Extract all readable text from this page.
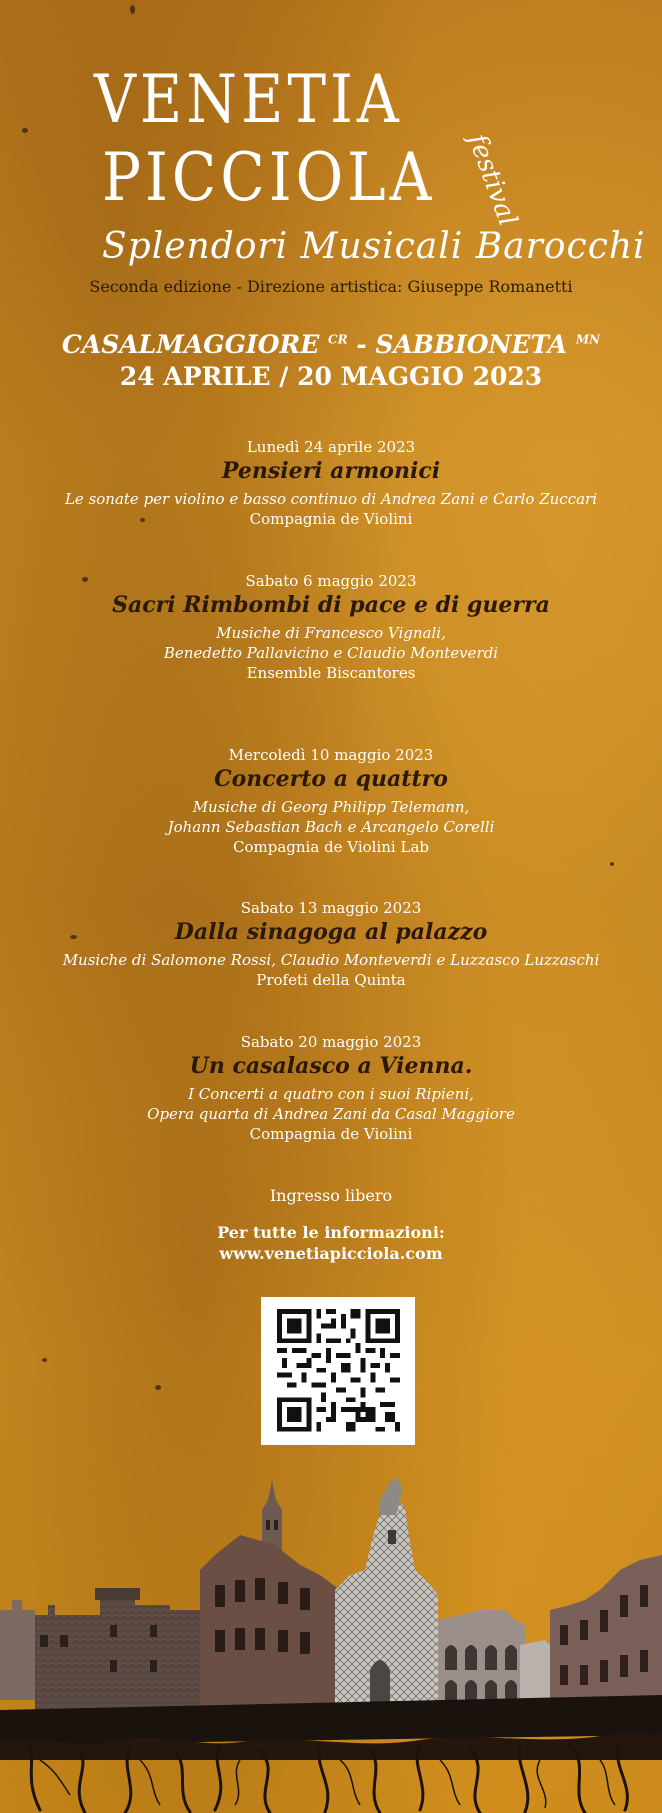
VENETIA
PICCIOLA festival
Splendori Musicali Barocchi
Seconda edizione - Direzione artistica: Giuseppe Romanetti
CASALMAGGIORE $^{CR}$ - SABBIONETA $^{MN}$
24 APRILE / 20 MAGGIO 2023
Lunedì 24 aprile 2023
Pensieri armonici
Le sonate per violino e basso continuo di Andrea Zani e Carlo Zuccari
Compagnia de Violini
Sabato 6 maggio 2023
Sacri Rimbombi di pace e di guerra
Musiche di Francesco Vignali,
Benedetto Pallavicino e Claudio Monteverdi
Ensemble Biscantores
Mercoledì 10 maggio 2023
Concerto a quattro
Musiche di Georg Philipp Telemann,
Johann Sebastian Bach e Arcangelo Corelli
Compagnia de Violini Lab
Sabato 13 maggio 2023
Dalla sinagoga al palazzo
Musiche di Salomone Rossi, Claudio Monteverdi e Luzzasco Luzzaschi
Profeti della Quinta
Sabato 20 maggio 2023
Un casalasco a Vienna.
I Concerti a quatro con i suoi Ripieni,
Opera quarta di Andrea Zani da Casal Maggiore
Compagnia de Violini
Ingresso libero
Per tutte le informazioni:
www.venetiapicciola.com
